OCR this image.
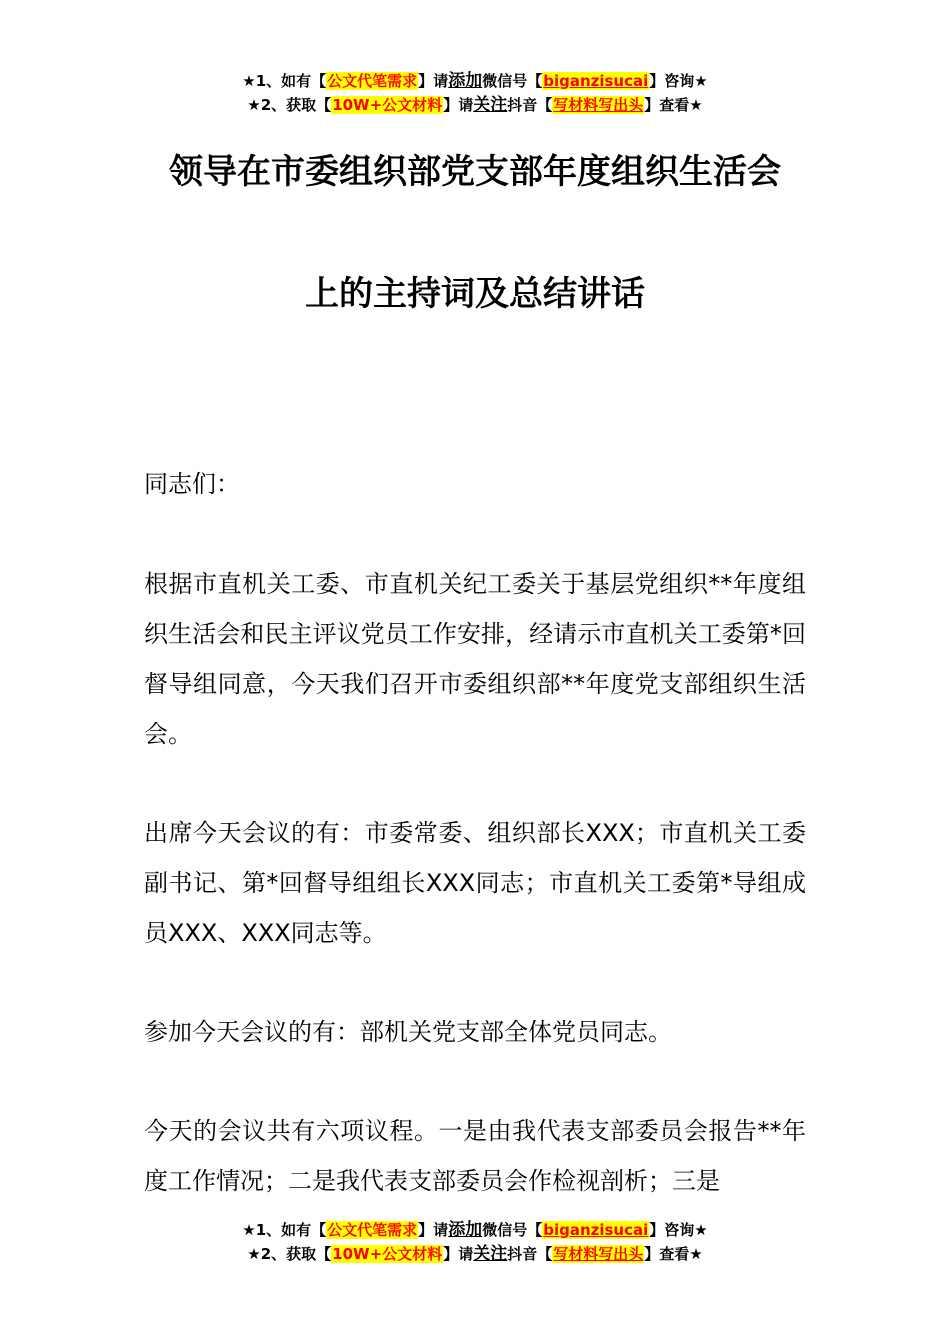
★1、如有【公文代笔需求】请添加微信号【biganzisucai】咨询★
★2、获取【10W+公文材料】请关注抖音【写材料写出头】查看★
领导在市委组织部党支部年度组织生活会
上的主持词及总结讲话
同志们：

根据市直机关工委、市直机关纪工委关于基层党组织**年度组织生活会和民主评议党员工作安排，经请示市直机关工委第*回督导组同意，今天我们召开市委组织部**年度党支部组织生活会。

出席今天会议的有：市委常委、组织部长XXX；市直机关工委副书记、第*回督导组组长XXX同志；市直机关工委第*导组成员XXX、XXX同志等。

参加今天会议的有：部机关党支部全体党员同志。

今天的会议共有六项议程。一是由我代表支部委员会报告**年度工作情况；二是我代表支部委员会作检视剖析；三是

★1、如有【公文代笔需求】请添加微信号【biganzisucai】咨询★
★2、获取【10W+公文材料】请关注抖音【写材料写出头】查看★
